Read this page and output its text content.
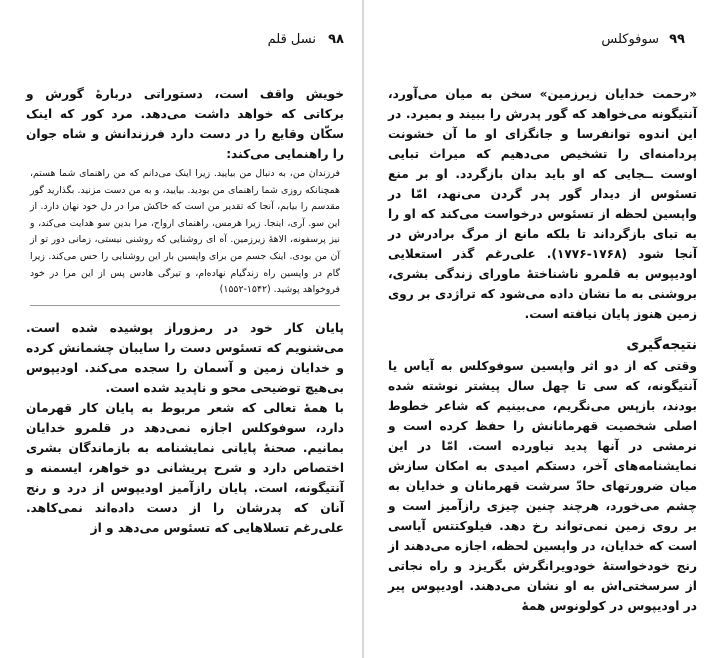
۹۸
نسل قلم

خویش واقف است، دستوراتی دربارهٔ گورش و برکاتی که خواهد داشت می‌دهد. مرد کور که اینک سکّان وقایع را در دست دارد فرزندانش و شاه جوان را راهنمایی می‌کند:

فرزندان من، به دنبال من بیایید. زیرا اینک می‌دانم که من راهنمای شما هستم، همچنانکه روزی شما راهنمای من بودید. بیایید، و به من دست مزنید. بگذارید گور مقدسم را بیابم، آنجا که تقدیر من است که خاکش مرا در دل خود نهان دارد. از این سو. آری، اینجا. زیرا هرمس، راهنمای ارواح، مرا بدین سو هدایت می‌کند، و نیز پرسفونه، الاههٔ زیرزمین. آه ای روشنایی که روشنی نیستی، زمانی دور تو از آن من بودی. اینک جسم من برای واپسین بار این روشنایی را حس می‌کند. زیرا گام در واپسین راه زندگیام نهاده‌ام، و تیرگی هادس پس از این مرا در خود فروخواهد پوشید. (۱۵۴۲-۱۵۵۲)

پایان کار خود در رمزوراز پوشیده شده است. می‌شنویم که تسئوس دست را سایبان چشمانش کرده و خدایان زمین و آسمان را سجده می‌کند. اودیپوس بی‌هیچ توضیحی محو و ناپدید شده است.

با همهٔ تعالی که شعر مربوط به پایان کار قهرمان دارد، سوفوکلس اجازه نمی‌دهد در قلمرو خدایان بمانیم. صحنهٔ پایانی نمایشنامه به بازماندگان بشری اختصاص دارد و شرح پریشانی دو خواهر، ایسمنه و آنتیگونه، است. پایان رازآمیز اودیپوس از درد و رنج آنان که پدرشان را از دست داده‌اند نمی‌کاهد. علی‌رغم تسلاهایی که تسئوس می‌دهد و از

۹۹
سوفوکلس

«رحمت خدایان زیرزمین» سخن به میان می‌آورد، آنتیگونه می‌خواهد که گور پدرش را ببیند و بمیرد. در این اندوه توانفرسا و جانگزای او ما آن خشونت پردامنه‌ای را تشخیص می‌دهیم که میراث تبایی اوست ــجایی که او باید بدان بازگردد. او بر منع تسئوس از دیدار گور پدر گردن می‌نهد، امّا در واپسین لحظه از تسئوس درخواست می‌کند که او را به تبای بازگرداند تا بلکه مانع از مرگ برادرش در آنجا شود (۱۷۶۸-۱۷۷۶). علی‌رغم گذر استعلایی اودیپوس به قلمرو ناشناختهٔ ماورای زندگی بشری، بروشنی به ما نشان داده می‌شود که تراژدی بر روی زمین هنوز پایان نیافته است.

نتیجه‌گیری

وقتی که از دو اثر واپسین سوفوکلس به آیاس یا آنتیگونه، که سی تا چهل سال پیشتر نوشته شده بودند، بازپس می‌نگریم، می‌بینیم که شاعر خطوط اصلی شخصیت قهرمانانش را حفظ کرده است و نرمشی در آنها پدید نیاورده است. امّا در این نمایشنامه‌های آخر، دستکم امیدی به امکان سازش میان ضرورتهای حادّ سرشت قهرمانان و خدایان به چشم می‌خورد، هرچند چنین چیزی رازآمیز است و بر روی زمین نمی‌تواند رخ دهد. فیلوکتتس آیاسی است که خدایان، در واپسین لحظه، اجازه می‌دهند از رنج خودخواستهٔ خودویرانگرش بگریزد و راه نجاتی از سرسختی‌اش به او نشان می‌دهند. اودیپوس پیر در اودیپوس در کولونوس همهٔ
